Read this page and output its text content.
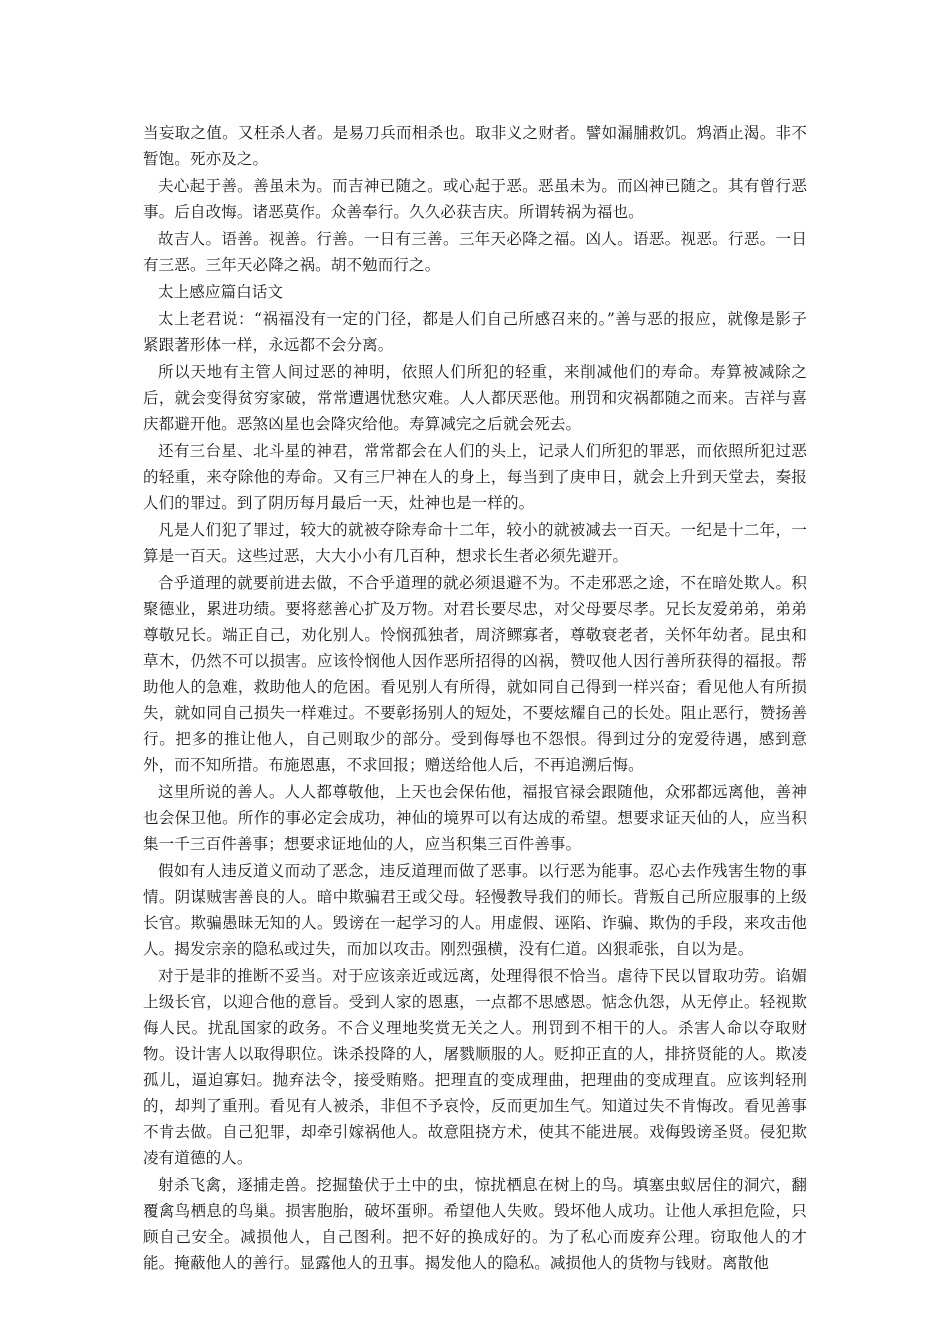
当妄取之值。又枉杀人者。是易刀兵而相杀也。取非义之财者。譬如漏脯救饥。鸩酒止渴。非不暂饱。死亦及之。

夫心起于善。善虽未为。而吉神已随之。或心起于恶。恶虽未为。而凶神已随之。其有曾行恶事。后自改悔。诸恶莫作。众善奉行。久久必获吉庆。所谓转祸为福也。

故吉人。语善。视善。行善。一日有三善。三年天必降之福。凶人。语恶。视恶。行恶。一日有三恶。三年天必降之祸。胡不勉而行之。

太上感应篇白话文

太上老君说：“祸福没有一定的门径，都是人们自己所感召来的。”善与恶的报应，就像是影子紧跟著形体一样，永远都不会分离。

所以天地有主管人间过恶的神明，依照人们所犯的轻重，来削减他们的寿命。寿算被减除之后，就会变得贫穷家破，常常遭遇忧愁灾难。人人都厌恶他。刑罚和灾祸都随之而来。吉祥与喜庆都避开他。恶煞凶星也会降灾给他。寿算减完之后就会死去。

还有三台星、北斗星的神君，常常都会在人们的头上，记录人们所犯的罪恶，而依照所犯过恶的轻重，来夺除他的寿命。又有三尸神在人的身上，每当到了庚申日，就会上升到天堂去，奏报人们的罪过。到了阴历每月最后一天，灶神也是一样的。

凡是人们犯了罪过，较大的就被夺除寿命十二年，较小的就被减去一百天。一纪是十二年，一算是一百天。这些过恶，大大小小有几百种，想求长生者必须先避开。

合乎道理的就要前进去做，不合乎道理的就必须退避不为。不走邪恶之途，不在暗处欺人。积聚德业，累进功绩。要将慈善心扩及万物。对君长要尽忠，对父母要尽孝。兄长友爱弟弟，弟弟尊敬兄长。端正自己，劝化别人。怜悯孤独者，周济鳏寡者，尊敬衰老者，关怀年幼者。昆虫和草木，仍然不可以损害。应该怜悯他人因作恶所招得的凶祸，赞叹他人因行善所获得的福报。帮助他人的急难，救助他人的危困。看见别人有所得，就如同自己得到一样兴奋；看见他人有所损失，就如同自己损失一样难过。不要彰扬别人的短处，不要炫耀自己的长处。阻止恶行，赞扬善行。把多的推让他人，自己则取少的部分。受到侮辱也不怨恨。得到过分的宠爱待遇，感到意外，而不知所措。布施恩惠，不求回报；赠送给他人后，不再追溯后悔。

这里所说的善人。人人都尊敬他，上天也会保佑他，福报官禄会跟随他，众邪都远离他，善神也会保卫他。所作的事必定会成功，神仙的境界可以有达成的希望。想要求证天仙的人，应当积集一千三百件善事；想要求证地仙的人，应当积集三百件善事。

假如有人违反道义而动了恶念，违反道理而做了恶事。以行恶为能事。忍心去作残害生物的事情。阴谋贼害善良的人。暗中欺骗君王或父母。轻慢教导我们的师长。背叛自己所应服事的上级长官。欺骗愚昧无知的人。毁谤在一起学习的人。用虚假、诬陷、诈骗、欺伪的手段，来攻击他人。揭发宗亲的隐私或过失，而加以攻击。刚烈强横，没有仁道。凶狠乖张，自以为是。

对于是非的推断不妥当。对于应该亲近或远离，处理得很不恰当。虐待下民以冒取功劳。谄媚上级长官，以迎合他的意旨。受到人家的恩惠，一点都不思感恩。惦念仇怨，从无停止。轻视欺侮人民。扰乱国家的政务。不合义理地奖赏无关之人。刑罚到不相干的人。杀害人命以夺取财物。设计害人以取得职位。诛杀投降的人，屠戮顺服的人。贬抑正直的人，排挤贤能的人。欺凌孤儿，逼迫寡妇。抛弃法令，接受贿赂。把理直的变成理曲，把理曲的变成理直。应该判轻刑的，却判了重刑。看见有人被杀，非但不予哀怜，反而更加生气。知道过失不肯悔改。看见善事不肯去做。自己犯罪，却牵引嫁祸他人。故意阻挠方术，使其不能进展。戏侮毁谤圣贤。侵犯欺凌有道德的人。

射杀飞禽，逐捕走兽。挖掘蛰伏于土中的虫，惊扰栖息在树上的鸟。填塞虫蚁居住的洞穴，翻覆禽鸟栖息的鸟巢。损害胞胎，破坏蛋卵。希望他人失败。毁坏他人成功。让他人承担危险，只顾自己安全。减损他人，自己图利。把不好的换成好的。为了私心而废弃公理。窃取他人的才能。掩蔽他人的善行。显露他人的丑事。揭发他人的隐私。减损他人的货物与钱财。离散他
